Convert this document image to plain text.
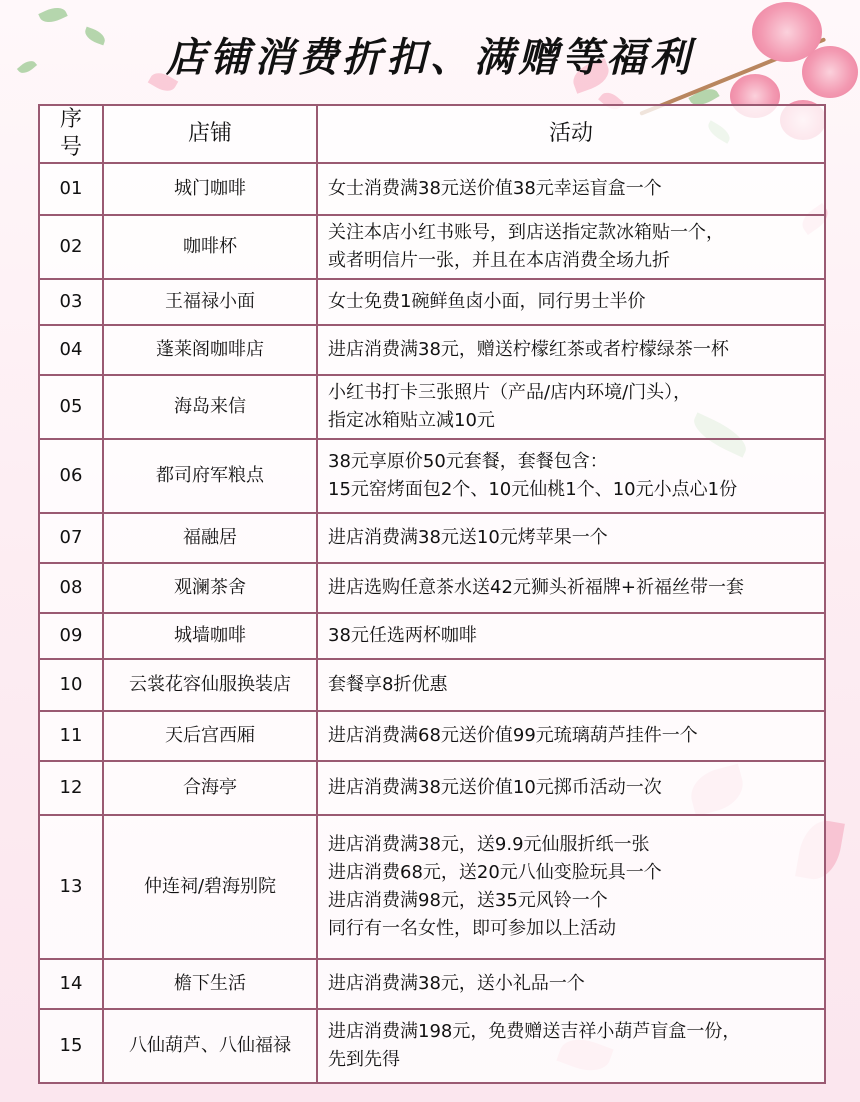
店铺消费折扣、满赠等福利
序号	店铺	活动
01	城门咖啡	女士消费满38元送价值38元幸运盲盒一个

02	咖啡杯	关注本店小红书账号，到店送指定款冰箱贴一个，
或者明信片一张，并且在本店消费全场九折

03	王福禄小面	女士免费1碗鲜鱼卤小面，同行男士半价

04	蓬莱阁咖啡店	进店消费满38元，赠送柠檬红茶或者柠檬绿茶一杯

05	海岛来信	小红书打卡三张照片（产品/店内环境/门头），
指定冰箱贴立减10元

06	都司府军粮点	38元享原价50元套餐，套餐包含：
15元窑烤面包2个、10元仙桃1个、10元小点心1份

07	福融居	进店消费满38元送10元烤苹果一个

08	观澜茶舍	进店选购任意茶水送42元狮头祈福牌+祈福丝带一套

09	城墙咖啡	38元任选两杯咖啡

10	云裳花容仙服换装店	套餐享8折优惠

11	天后宫西厢	进店消费满68元送价值99元琉璃葫芦挂件一个

12	合海亭	进店消费满38元送价值10元掷币活动一次

13	仲连祠/碧海别院	进店消费满38元，送9.9元仙服折纸一张
进店消费68元，送20元八仙变脸玩具一个
进店消费满98元，送35元风铃一个
同行有一名女性，即可参加以上活动

14	檐下生活	进店消费满38元，送小礼品一个

15	八仙葫芦、八仙福禄	进店消费满198元，免费赠送吉祥小葫芦盲盒一份，
先到先得
